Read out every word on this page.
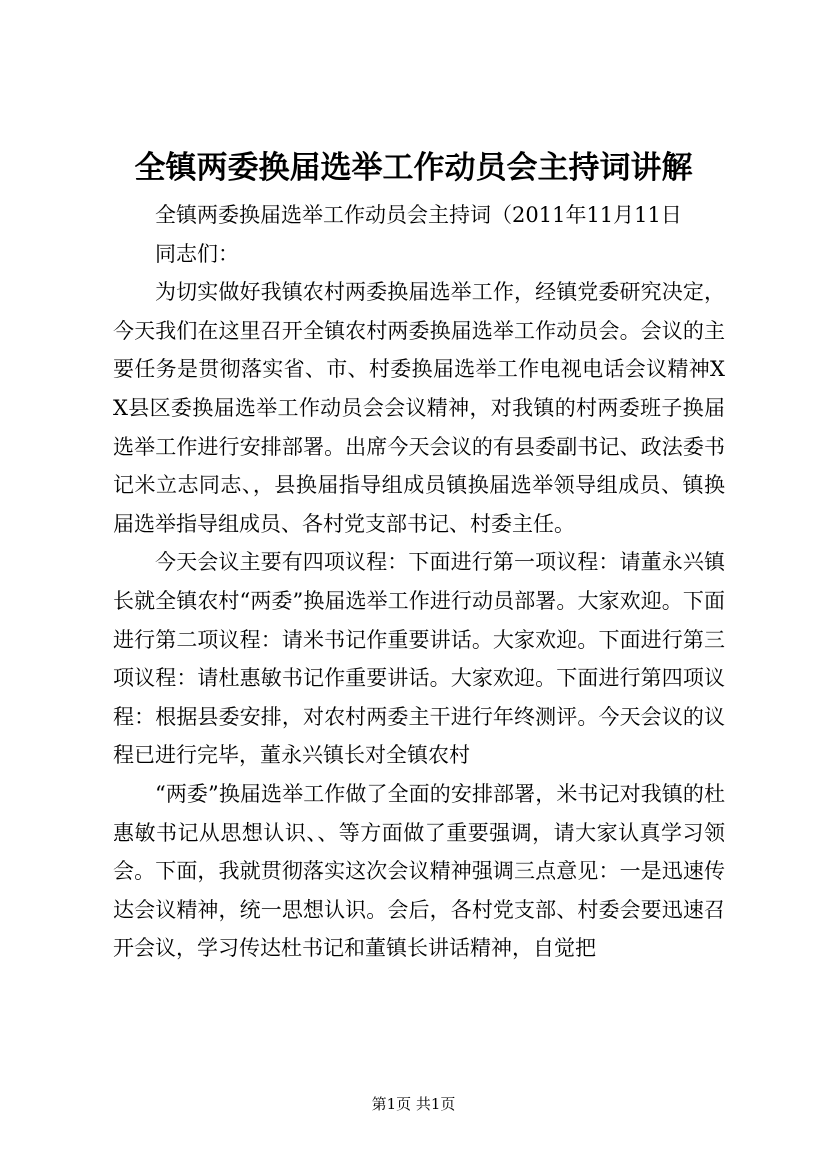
全镇两委换届选举工作动员会主持词讲解

全镇两委换届选举工作动员会主持词（2011年11月11日

同志们：

为切实做好我镇农村两委换届选举工作，经镇党委研究决定，今天我们在这里召开全镇农村两委换届选举工作动员会。会议的主要任务是贯彻落实省、市、村委换届选举工作电视电话会议精神XX县区委换届选举工作动员会会议精神，对我镇的村两委班子换届选举工作进行安排部署。出席今天会议的有县委副书记、政法委书记米立志同志、，县换届指导组成员镇换届选举领导组成员、镇换届选举指导组成员、各村党支部书记、村委主任。

今天会议主要有四项议程：下面进行第一项议程：请董永兴镇长就全镇农村“两委”换届选举工作进行动员部署。大家欢迎。下面进行第二项议程：请米书记作重要讲话。大家欢迎。下面进行第三项议程：请杜惠敏书记作重要讲话。大家欢迎。下面进行第四项议程：根据县委安排，对农村两委主干进行年终测评。今天会议的议程已进行完毕，董永兴镇长对全镇农村

“两委”换届选举工作做了全面的安排部署，米书记对我镇的杜惠敏书记从思想认识、、等方面做了重要强调，请大家认真学习领会。下面，我就贯彻落实这次会议精神强调三点意见：一是迅速传达会议精神，统一思想认识。会后，各村党支部、村委会要迅速召开会议，学习传达杜书记和董镇长讲话精神，自觉把

第1页 共1页
